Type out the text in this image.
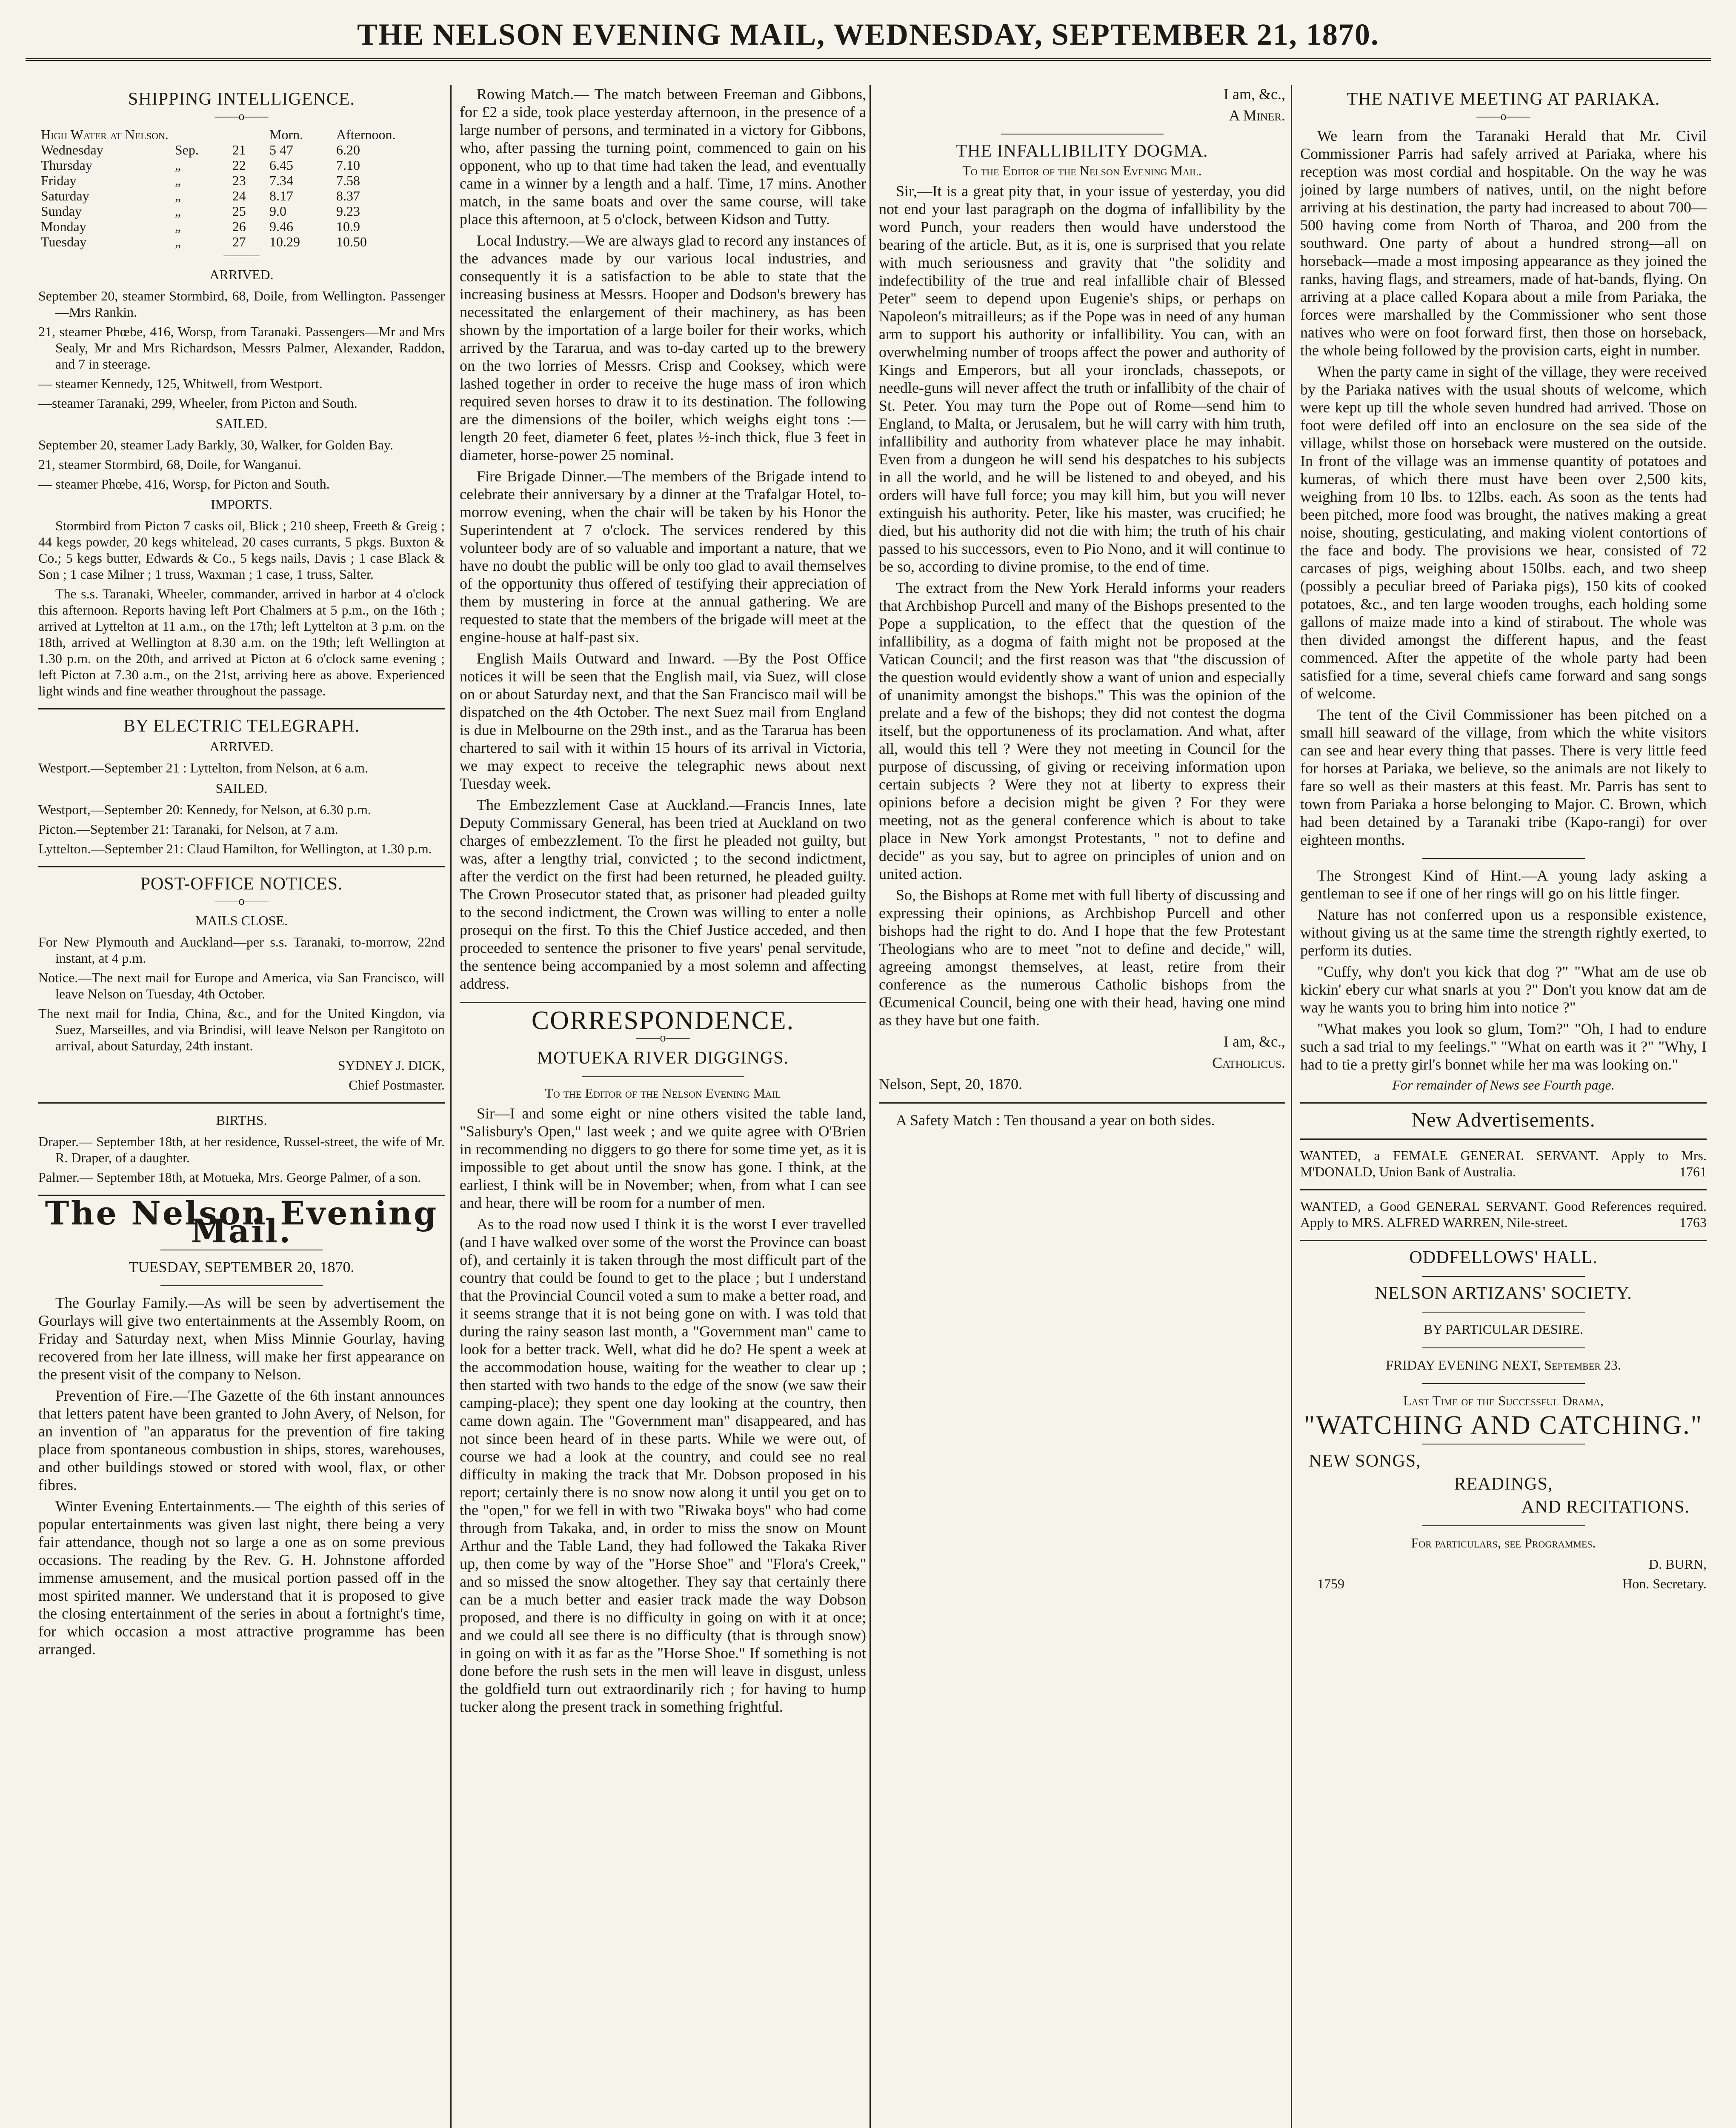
THE NELSON EVENING MAIL, WEDNESDAY, SEPTEMBER 21, 1870.
SHIPPING INTELLIGENCE.
——o——
High Water at Nelson.			Morn.	Afternoon.
Wednesday	Sep.	21	5 47	6.20
Thursday	„	22	6.45	7.10
Friday	„	23	7.34	7.58
Saturday	„	24	8.17	8.37
Sunday	„	25	9.0	9.23
Monday	„	26	9.46	10.9
Tuesday	„	27	10.29	10.50
———
ARRIVED.

September 20, steamer Stormbird, 68, Doile, from Wellington. Passenger—Mrs Rankin.

21, steamer Phœbe, 416, Worsp, from Taranaki. Passengers—Mr and Mrs Sealy, Mr and Mrs Richardson, Messrs Palmer, Alexander, Raddon, and 7 in steerage.

— steamer Kennedy, 125, Whitwell, from Westport.

—steamer Taranaki, 299, Wheeler, from Picton and South.

SAILED.

September 20, steamer Lady Barkly, 30, Walker, for Golden Bay.

21, steamer Stormbird, 68, Doile, for Wanganui.

— steamer Phœbe, 416, Worsp, for Picton and South.

IMPORTS.

Stormbird from Picton 7 casks oil, Blick ; 210 sheep, Freeth & Greig ; 44 kegs powder, 20 kegs whitelead, 20 cases currants, 5 pkgs. Buxton & Co.; 5 kegs butter, Edwards & Co., 5 kegs nails, Davis ; 1 case Black & Son ; 1 case Milner ; 1 truss, Waxman ; 1 case, 1 truss, Salter.

The s.s. Taranaki, Wheeler, commander, arrived in harbor at 4 o'clock this afternoon. Reports having left Port Chalmers at 5 p.m., on the 16th ; arrived at Lyttelton at 11 a.m., on the 17th; left Lyttelton at 3 p.m. on the 18th, arrived at Wellington at 8.30 a.m. on the 19th; left Wellington at 1.30 p.m. on the 20th, and arrived at Picton at 6 o'clock same evening ; left Picton at 7.30 a.m., on the 21st, arriving here as above. Experienced light winds and fine weather throughout the passage.

BY ELECTRIC TELEGRAPH.
ARRIVED.

Westport.—September 21 : Lyttelton, from Nelson, at 6 a.m.

SAILED.

Westport,—September 20: Kennedy, for Nelson, at 6.30 p.m.

Picton.—September 21: Taranaki, for Nelson, at 7 a.m.

Lyttelton.—September 21: Claud Hamilton, for Wellington, at 1.30 p.m.

POST-OFFICE NOTICES.
——o——
MAILS CLOSE.

For New Plymouth and Auckland—per s.s. Taranaki, to-morrow, 22nd instant, at 4 p.m.

Notice.—The next mail for Europe and America, via San Francisco, will leave Nelson on Tuesday, 4th October.

The next mail for India, China, &c., and for the United Kingdon, via Suez, Marseilles, and via Brindisi, will leave Nelson per Rangitoto on arrival, about Saturday, 24th instant.

SYDNEY J. DICK,

Chief Postmaster.

BIRTHS.

Draper.— September 18th, at her residence, Russel-street, the wife of Mr. R. Draper, of a daughter.

Palmer.— September 18th, at Motueka, Mrs. George Palmer, of a son.

The Nelson Evening Mail.
TUESDAY, SEPTEMBER 20, 1870.

The Gourlay Family.—As will be seen by advertisement the Gourlays will give two entertainments at the Assembly Room, on Friday and Saturday next, when Miss Minnie Gourlay, having recovered from her late illness, will make her first appearance on the present visit of the company to Nelson.

Prevention of Fire.—The Gazette of the 6th instant announces that letters patent have been granted to John Avery, of Nelson, for an invention of "an apparatus for the prevention of fire taking place from spontaneous combustion in ships, stores, warehouses, and other buildings stowed or stored with wool, flax, or other fibres.

Winter Evening Entertainments.— The eighth of this series of popular entertainments was given last night, there being a very fair attendance, though not so large a one as on some previous occasions. The reading by the Rev. G. H. Johnstone afforded immense amusement, and the musical portion passed off in the most spirited manner. We understand that it is proposed to give the closing entertainment of the series in about a fortnight's time, for which occasion a most attractive programme has been arranged.

Rowing Match.— The match between Freeman and Gibbons, for £2 a side, took place yesterday afternoon, in the presence of a large number of persons, and terminated in a victory for Gibbons, who, after passing the turning point, commenced to gain on his opponent, who up to that time had taken the lead, and eventually came in a winner by a length and a half. Time, 17 mins. Another match, in the same boats and over the same course, will take place this afternoon, at 5 o'clock, between Kidson and Tutty.

Local Industry.—We are always glad to record any instances of the advances made by our various local industries, and consequently it is a satisfaction to be able to state that the increasing business at Messrs. Hooper and Dodson's brewery has necessitated the enlargement of their machinery, as has been shown by the importation of a large boiler for their works, which arrived by the Tararua, and was to-day carted up to the brewery on the two lorries of Messrs. Crisp and Cooksey, which were lashed together in order to receive the huge mass of iron which required seven horses to draw it to its destination. The following are the dimensions of the boiler, which weighs eight tons :—length 20 feet, diameter 6 feet, plates ½-inch thick, flue 3 feet in diameter, horse-power 25 nominal.

Fire Brigade Dinner.—The members of the Brigade intend to celebrate their anniversary by a dinner at the Trafalgar Hotel, to-morrow evening, when the chair will be taken by his Honor the Superintendent at 7 o'clock. The services rendered by this volunteer body are of so valuable and important a nature, that we have no doubt the public will be only too glad to avail themselves of the opportunity thus offered of testifying their appreciation of them by mustering in force at the annual gathering. We are requested to state that the members of the brigade will meet at the engine-house at half-past six.

English Mails Outward and Inward. —By the Post Office notices it will be seen that the English mail, via Suez, will close on or about Saturday next, and that the San Francisco mail will be dispatched on the 4th October. The next Suez mail from England is due in Melbourne on the 29th inst., and as the Tararua has been chartered to sail with it within 15 hours of its arrival in Victoria, we may expect to receive the telegraphic news about next Tuesday week.

The Embezzlement Case at Auckland.—Francis Innes, late Deputy Commissary General, has been tried at Auckland on two charges of embezzlement. To the first he pleaded not guilty, but was, after a lengthy trial, convicted ; to the second indictment, after the verdict on the first had been returned, he pleaded guilty. The Crown Prosecutor stated that, as prisoner had pleaded guilty to the second indictment, the Crown was willing to enter a nolle prosequi on the first. To this the Chief Justice acceded, and then proceeded to sentence the prisoner to five years' penal servitude, the sentence being accompanied by a most solemn and affecting address.

CORRESPONDENCE.
——o——
MOTUEKA RIVER DIGGINGS.

To the Editor of the Nelson Evening Mail

Sir—I and some eight or nine others visited the table land, "Salisbury's Open," last week ; and we quite agree with O'Brien in recommending no diggers to go there for some time yet, as it is impossible to get about until the snow has gone. I think, at the earliest, I think will be in November; when, from what I can see and hear, there will be room for a number of men.

As to the road now used I think it is the worst I ever travelled (and I have walked over some of the worst the Province can boast of), and certainly it is taken through the most difficult part of the country that could be found to get to the place ; but I understand that the Provincial Council voted a sum to make a better road, and it seems strange that it is not being gone on with. I was told that during the rainy season last month, a "Government man" came to look for a better track. Well, what did he do? He spent a week at the accommodation house, waiting for the weather to clear up ; then started with two hands to the edge of the snow (we saw their camping-place); they spent one day looking at the country, then came down again. The "Government man" disappeared, and has not since been heard of in these parts. While we were out, of course we had a look at the country, and could see no real difficulty in making the track that Mr. Dobson proposed in his report; certainly there is no snow now along it until you get on to the "open," for we fell in with two "Riwaka boys" who had come through from Takaka, and, in order to miss the snow on Mount Arthur and the Table Land, they had followed the Takaka River up, then come by way of the "Horse Shoe" and "Flora's Creek," and so missed the snow altogether. They say that certainly there can be a much better and easier track made the way Dobson proposed, and there is no difficulty in going on with it at once; and we could all see there is no difficulty (that is through snow) in going on with it as far as the "Horse Shoe." If something is not done before the rush sets in the men will leave in disgust, unless the goldfield turn out extraordinarily rich ; for having to hump tucker along the present track in something frightful.

I am, &c.,

A Miner.

THE INFALLIBILITY DOGMA.

To the Editor of the Nelson Evening Mail.

Sir,—It is a great pity that, in your issue of yesterday, you did not end your last paragraph on the dogma of infallibility by the word Punch, your readers then would have understood the bearing of the article. But, as it is, one is surprised that you relate with much seriousness and gravity that "the solidity and indefectibility of the true and real infallible chair of Blessed Peter" seem to depend upon Eugenie's ships, or perhaps on Napoleon's mitrailleurs; as if the Pope was in need of any human arm to support his authority or infallibility. You can, with an overwhelming number of troops affect the power and authority of Kings and Emperors, but all your ironclads, chassepots, or needle-guns will never affect the truth or infallibity of the chair of St. Peter. You may turn the Pope out of Rome—send him to England, to Malta, or Jerusalem, but he will carry with him truth, infallibility and authority from whatever place he may inhabit. Even from a dungeon he will send his despatches to his subjects in all the world, and he will be listened to and obeyed, and his orders will have full force; you may kill him, but you will never extinguish his authority. Peter, like his master, was crucified; he died, but his authority did not die with him; the truth of his chair passed to his successors, even to Pio Nono, and it will continue to be so, according to divine promise, to the end of time.

The extract from the New York Herald informs your readers that Archbishop Purcell and many of the Bishops presented to the Pope a supplication, to the effect that the question of the infallibility, as a dogma of faith might not be proposed at the Vatican Council; and the first reason was that "the discussion of the question would evidently show a want of union and especially of unanimity amongst the bishops." This was the opinion of the prelate and a few of the bishops; they did not contest the dogma itself, but the opportuneness of its proclamation. And what, after all, would this tell ? Were they not meeting in Council for the purpose of discussing, of giving or receiving information upon certain subjects ? Were they not at liberty to express their opinions before a decision might be given ? For they were meeting, not as the general conference which is about to take place in New York amongst Protestants, " not to define and decide" as you say, but to agree on principles of union and on united action.

So, the Bishops at Rome met with full liberty of discussing and expressing their opinions, as Archbishop Purcell and other bishops had the right to do. And I hope that the few Protestant Theologians who are to meet "not to define and decide," will, agreeing amongst themselves, at least, retire from their conference as the numerous Catholic bishops from the Œcumenical Council, being one with their head, having one mind as they have but one faith.

I am, &c.,

Catholicus.

Nelson, Sept, 20, 1870.

A Safety Match : Ten thousand a year on both sides.

THE NATIVE MEETING AT PARIAKA.
——o——

We learn from the Taranaki Herald that Mr. Civil Commissioner Parris had safely arrived at Pariaka, where his reception was most cordial and hospitable. On the way he was joined by large numbers of natives, until, on the night before arriving at his destination, the party had increased to about 700—500 having come from North of Tharoa, and 200 from the southward. One party of about a hundred strong—all on horseback—made a most imposing appearance as they joined the ranks, having flags, and streamers, made of hat-bands, flying. On arriving at a place called Kopara about a mile from Pariaka, the forces were marshalled by the Commissioner who sent those natives who were on foot forward first, then those on horseback, the whole being followed by the provision carts, eight in number.

When the party came in sight of the village, they were received by the Pariaka natives with the usual shouts of welcome, which were kept up till the whole seven hundred had arrived. Those on foot were defiled off into an enclosure on the sea side of the village, whilst those on horseback were mustered on the outside. In front of the village was an immense quantity of potatoes and kumeras, of which there must have been over 2,500 kits, weighing from 10 lbs. to 12lbs. each. As soon as the tents had been pitched, more food was brought, the natives making a great noise, shouting, gesticulating, and making violent contortions of the face and body. The provisions we hear, consisted of 72 carcases of pigs, weighing about 150lbs. each, and two sheep (possibly a peculiar breed of Pariaka pigs), 150 kits of cooked potatoes, &c., and ten large wooden troughs, each holding some gallons of maize made into a kind of stirabout. The whole was then divided amongst the different hapus, and the feast commenced. After the appetite of the whole party had been satisfied for a time, several chiefs came forward and sang songs of welcome.

The tent of the Civil Commissioner has been pitched on a small hill seaward of the village, from which the white visitors can see and hear every thing that passes. There is very little feed for horses at Pariaka, we believe, so the animals are not likely to fare so well as their masters at this feast. Mr. Parris has sent to town from Pariaka a horse belonging to Major. C. Brown, which had been detained by a Taranaki tribe (Kapo-rangi) for over eighteen months.

The Strongest Kind of Hint.—A young lady asking a gentleman to see if one of her rings will go on his little finger.

Nature has not conferred upon us a responsible existence, without giving us at the same time the strength rightly exerted, to perform its duties.

"Cuffy, why don't you kick that dog ?" "What am de use ob kickin' ebery cur what snarls at you ?" Don't you know dat am de way he wants you to bring him into notice ?"

"What makes you look so glum, Tom?" "Oh, I had to endure such a sad trial to my feelings." "What on earth was it ?" "Why, I had to tie a pretty girl's bonnet while her ma was looking on."

For remainder of News see Fourth page.

New Advertisements.

WANTED, a FEMALE GENERAL SERVANT. Apply to Mrs. M'DONALD, Union Bank of Australia.	1761

WANTED, a Good GENERAL SERVANT. Good References required. Apply to MRS. ALFRED WARREN, Nile-street.	1763

ODDFELLOWS' HALL.
NELSON ARTIZANS' SOCIETY.
BY PARTICULAR DESIRE.
FRIDAY EVENING NEXT, September 23.
Last Time of the Successful Drama,
"WATCHING AND CATCHING."
NEW SONGS,
READINGS,
AND RECITATIONS.
For particulars, see Programmes.

D. BURN,

1759	Hon. Secretary.
